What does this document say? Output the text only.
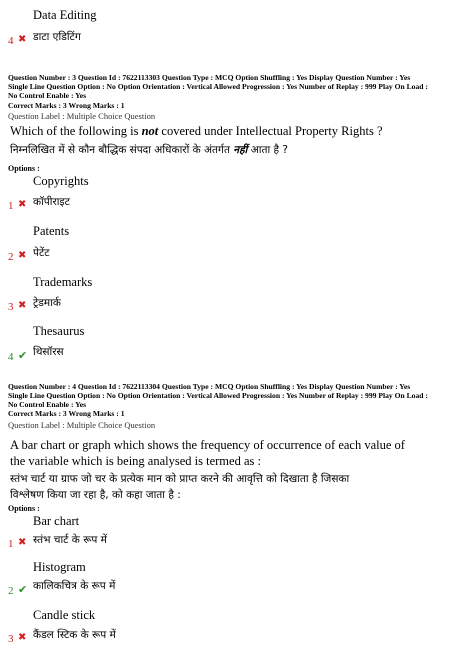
Data Editing
4 ✖ डाटा एडिटिंग
Question Number : 3 Question Id : 7622113303 Question Type : MCQ Option Shuffling : Yes Display Question Number : Yes
Single Line Question Option : No Option Orientation : Vertical Allowed Progression : Yes Number of Replay : 999 Play On Load :
No Control Enable : Yes
Correct Marks : 3 Wrong Marks : 1
Question Label : Multiple Choice Question
Which of the following is not covered under Intellectual Property Rights ?
निम्नलिखित में से कौन बौद्धिक संपदा अधिकारों के अंतर्गत नहीं आता है ?
Options :
Copyrights
1 ✖ कॉपीराइट
Patents
2 ✖ पेटेंट
Trademarks
3 ✖ ट्रेडमार्क
Thesaurus
4 ✔ थिसॉरस
Question Number : 4 Question Id : 7622113304 Question Type : MCQ Option Shuffling : Yes Display Question Number : Yes
Single Line Question Option : No Option Orientation : Vertical Allowed Progression : Yes Number of Replay : 999 Play On Load :
No Control Enable : Yes
Correct Marks : 3 Wrong Marks : 1
Question Label : Multiple Choice Question
A bar chart or graph which shows the frequency of occurrence of each value of
the variable which is being analysed is termed as :
स्तंभ चार्ट या ग्राफ जो चर के प्रत्येक मान को प्राप्त करने की आवृत्ति को दिखाता है जिसका
विश्लेषण किया जा रहा है, को कहा जाता है :
Options :
Bar chart
1 ✖ स्तंभ चार्ट के रूप में
Histogram
2 ✔ कालिकचित्र के रूप में
Candle stick
3 ✖ कैंडल स्टिक के रूप में
